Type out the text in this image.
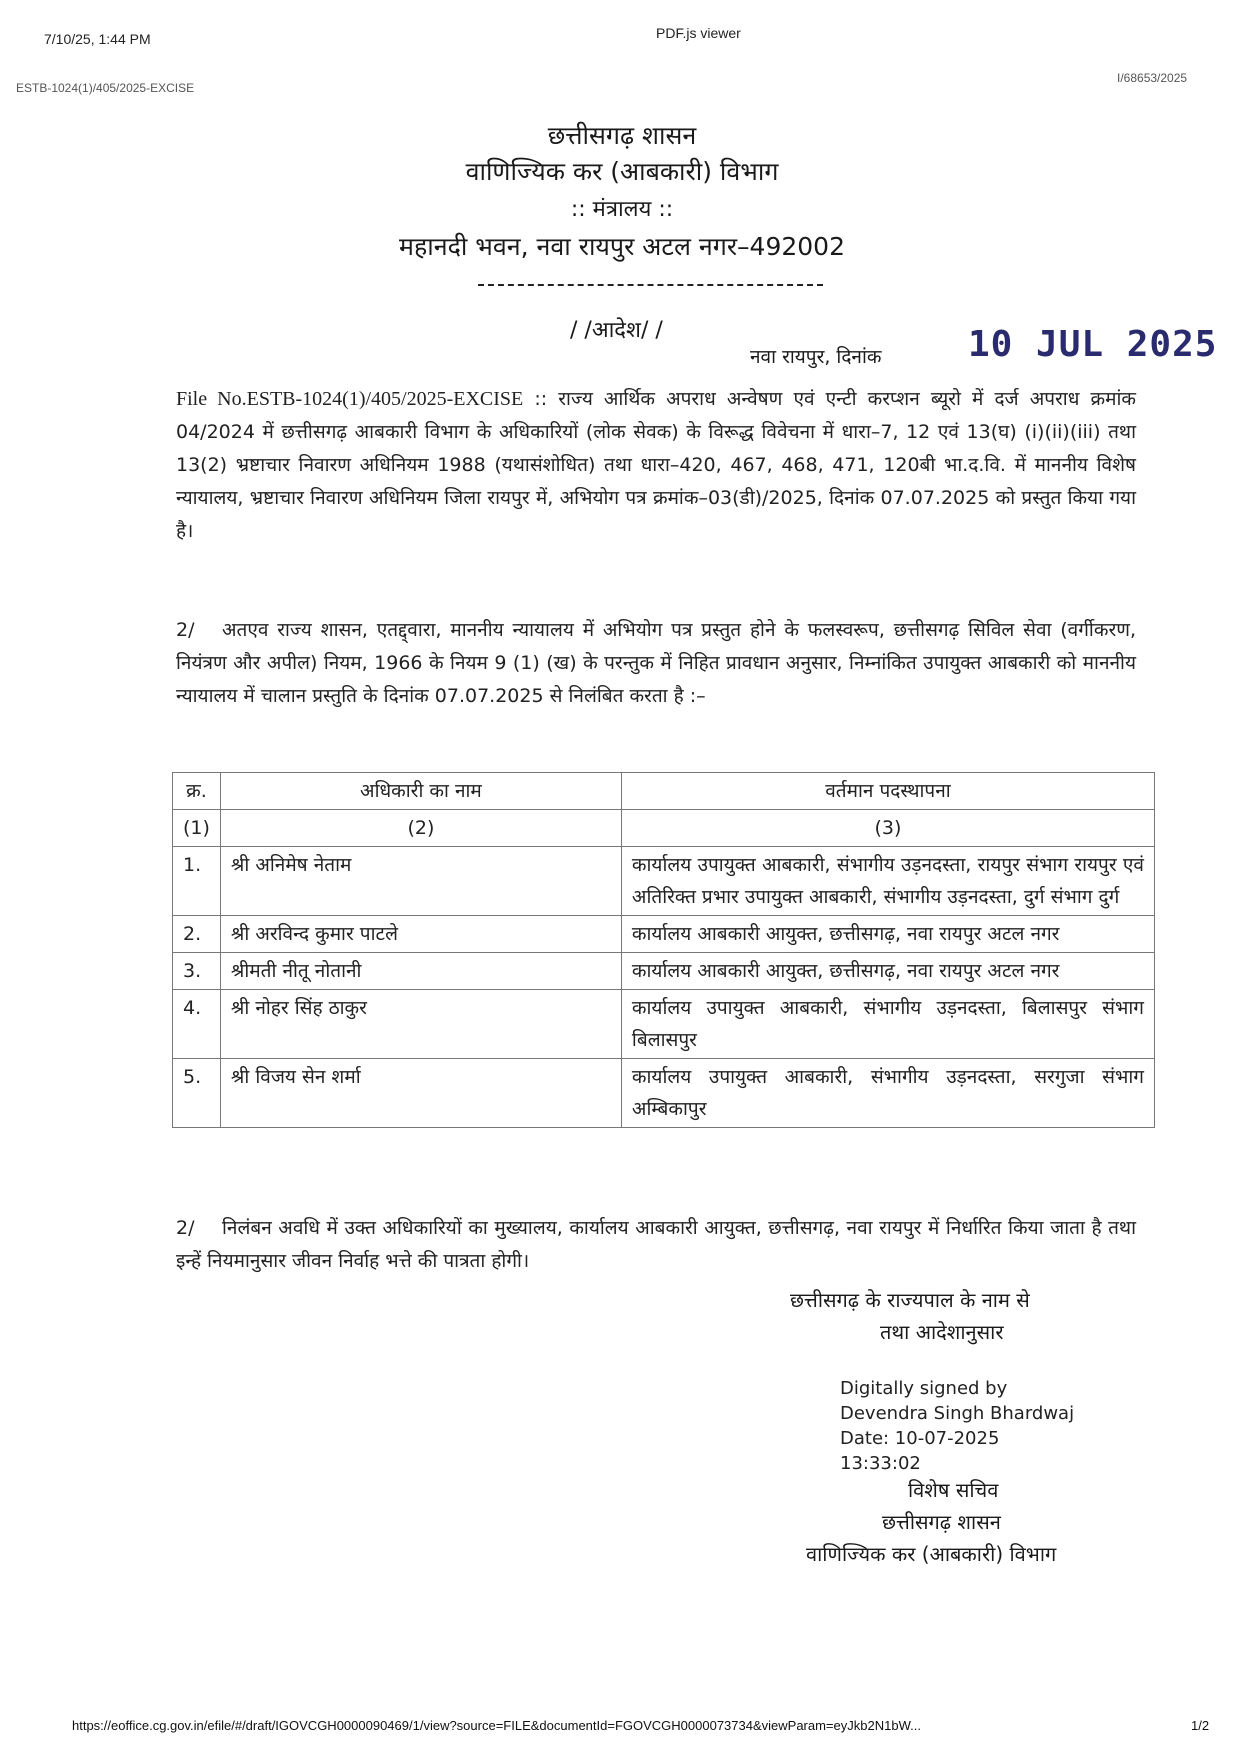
7/10/25, 1:44 PM	PDF.js viewer
ESTB-1024(1)/405/2025-EXCISE
I/68653/2025
छत्तीसगढ़ शासन
वाणिज्यिक कर (आबकारी) विभाग
:: मंत्रालय ::
महानदी भवन, नवा रायपुर अटल नगर–492002
/ /आदेश/ /
नवा रायपुर, दिनांक 10 JUL 2025
File No.ESTB-1024(1)/405/2025-EXCISE :: राज्य आर्थिक अपराध अन्वेषण एवं एन्टी करप्शन ब्यूरो में दर्ज अपराध क्रमांक 04/2024 में छत्तीसगढ़ आबकारी विभाग के अधिकारियों (लोक सेवक) के विरूद्ध विवेचना में धारा–7, 12 एवं 13(घ) (i)(ii)(iii) तथा 13(2) भ्रष्टाचार निवारण अधिनियम 1988 (यथासंशोधित) तथा धारा–420, 467, 468, 471, 120बी भा.द.वि. में माननीय विशेष न्यायालय, भ्रष्टाचार निवारण अधिनियम जिला रायपुर में, अभियोग पत्र क्रमांक–03(डी)/2025, दिनांक 07.07.2025 को प्रस्तुत किया गया है।
2/ अतएव राज्य शासन, एतद्द्वारा, माननीय न्यायालय में अभियोग पत्र प्रस्तुत होने के फलस्वरूप, छत्तीसगढ़ सिविल सेवा (वर्गीकरण, नियंत्रण और अपील) नियम, 1966 के नियम 9 (1) (ख) के परन्तुक में निहित प्रावधान अनुसार, निम्नांकित उपायुक्त आबकारी को माननीय न्यायालय में चालान प्रस्तुति के दिनांक 07.07.2025 से निलंबित करता है :–
क्र.	अधिकारी का नाम	वर्तमान पदस्थापना
(1)	(2)	(3)
1.	श्री अनिमेष नेताम	कार्यालय उपायुक्त आबकारी, संभागीय उड़नदस्ता, रायपुर संभाग रायपुर एवं अतिरिक्त प्रभार उपायुक्त आबकारी, संभागीय उड़नदस्ता, दुर्ग संभाग दुर्ग
2.	श्री अरविन्द कुमार पाटले	कार्यालय आबकारी आयुक्त, छत्तीसगढ़, नवा रायपुर अटल नगर
3.	श्रीमती नीतू नोतानी	कार्यालय आबकारी आयुक्त, छत्तीसगढ़, नवा रायपुर अटल नगर
4.	श्री नोहर सिंह ठाकुर	कार्यालय उपायुक्त आबकारी, संभागीय उड़नदस्ता, बिलासपुर संभाग बिलासपुर
5.	श्री विजय सेन शर्मा	कार्यालय उपायुक्त आबकारी, संभागीय उड़नदस्ता, सरगुजा संभाग अम्बिकापुर
2/ निलंबन अवधि में उक्त अधिकारियों का मुख्यालय, कार्यालय आबकारी आयुक्त, छत्तीसगढ़, नवा रायपुर में निर्धारित किया जाता है तथा इन्हें नियमानुसार जीवन निर्वाह भत्ते की पात्रता होगी।
छत्तीसगढ़ के राज्यपाल के नाम से
तथा आदेशानुसार
Digitally signed by
Devendra Singh Bhardwaj
Date: 10-07-2025
13:33:02
विशेष सचिव
छत्तीसगढ़ शासन
वाणिज्यिक कर (आबकारी) विभाग
https://eoffice.cg.gov.in/efile/#/draft/IGOVCGH0000090469/1/view?source=FILE&documentId=FGOVCGH0000073734&viewParam=eyJkb2N1bW...	1/2
